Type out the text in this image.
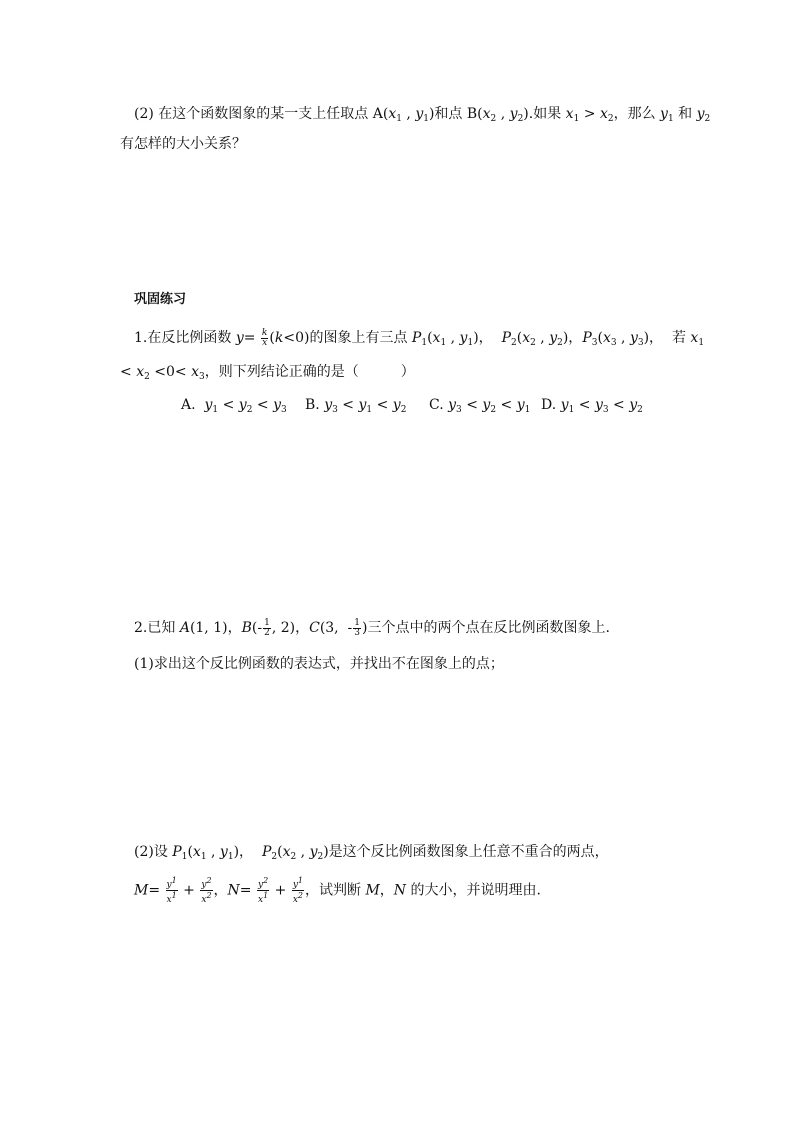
(2) 在这个函数图象的某一支上任取点 $A(x_1$ , $y_1$)和点 $B(x_2$ , $y_2$).如果 $x_1 > x_2$，那么 $y_1$ 和 $y_2$
有怎样的大小关系？
巩固练习
1.在反比例函数 $y= \frac{k}{x} (k<0)$的图象上有三点 $P_1(x_1$ , $y_1$)，  $P_2(x_2$ , $y_2$)，$P_3(x_3$ , $y_3$)，  若 $x_1$
< $x_2 <0< x_3$，则下列结论正确的是（　　　）
A.  $y_1 < y_2 < y_3$ B. $y_3 < y_1 < y_2$ C. $y_3 < y_2 < y_1$ D. $y_1 < y_3 < y_2$
2.已知 A(1, 1)，$B(- \frac{1}{2}$ , 2)，C(3,  - $\frac{1}{3}$ )三个点中的两个点在反比例函数图象上.
(1)求出这个反比例函数的表达式，并找出不在图象上的点；
(2)设 $P_1(x_1$ , $y_1$)，  $P_2(x_2$ , $y_2$)是这个反比例函数图象上任意不重合的两点，
$M= \frac{y^1}{x^1} + \frac{y^2}{x^2}$ ，$N= \frac{y^2}{x^1} + \frac{y^1}{x^2}$ ，试判断 M，N 的大小，并说明理由.
